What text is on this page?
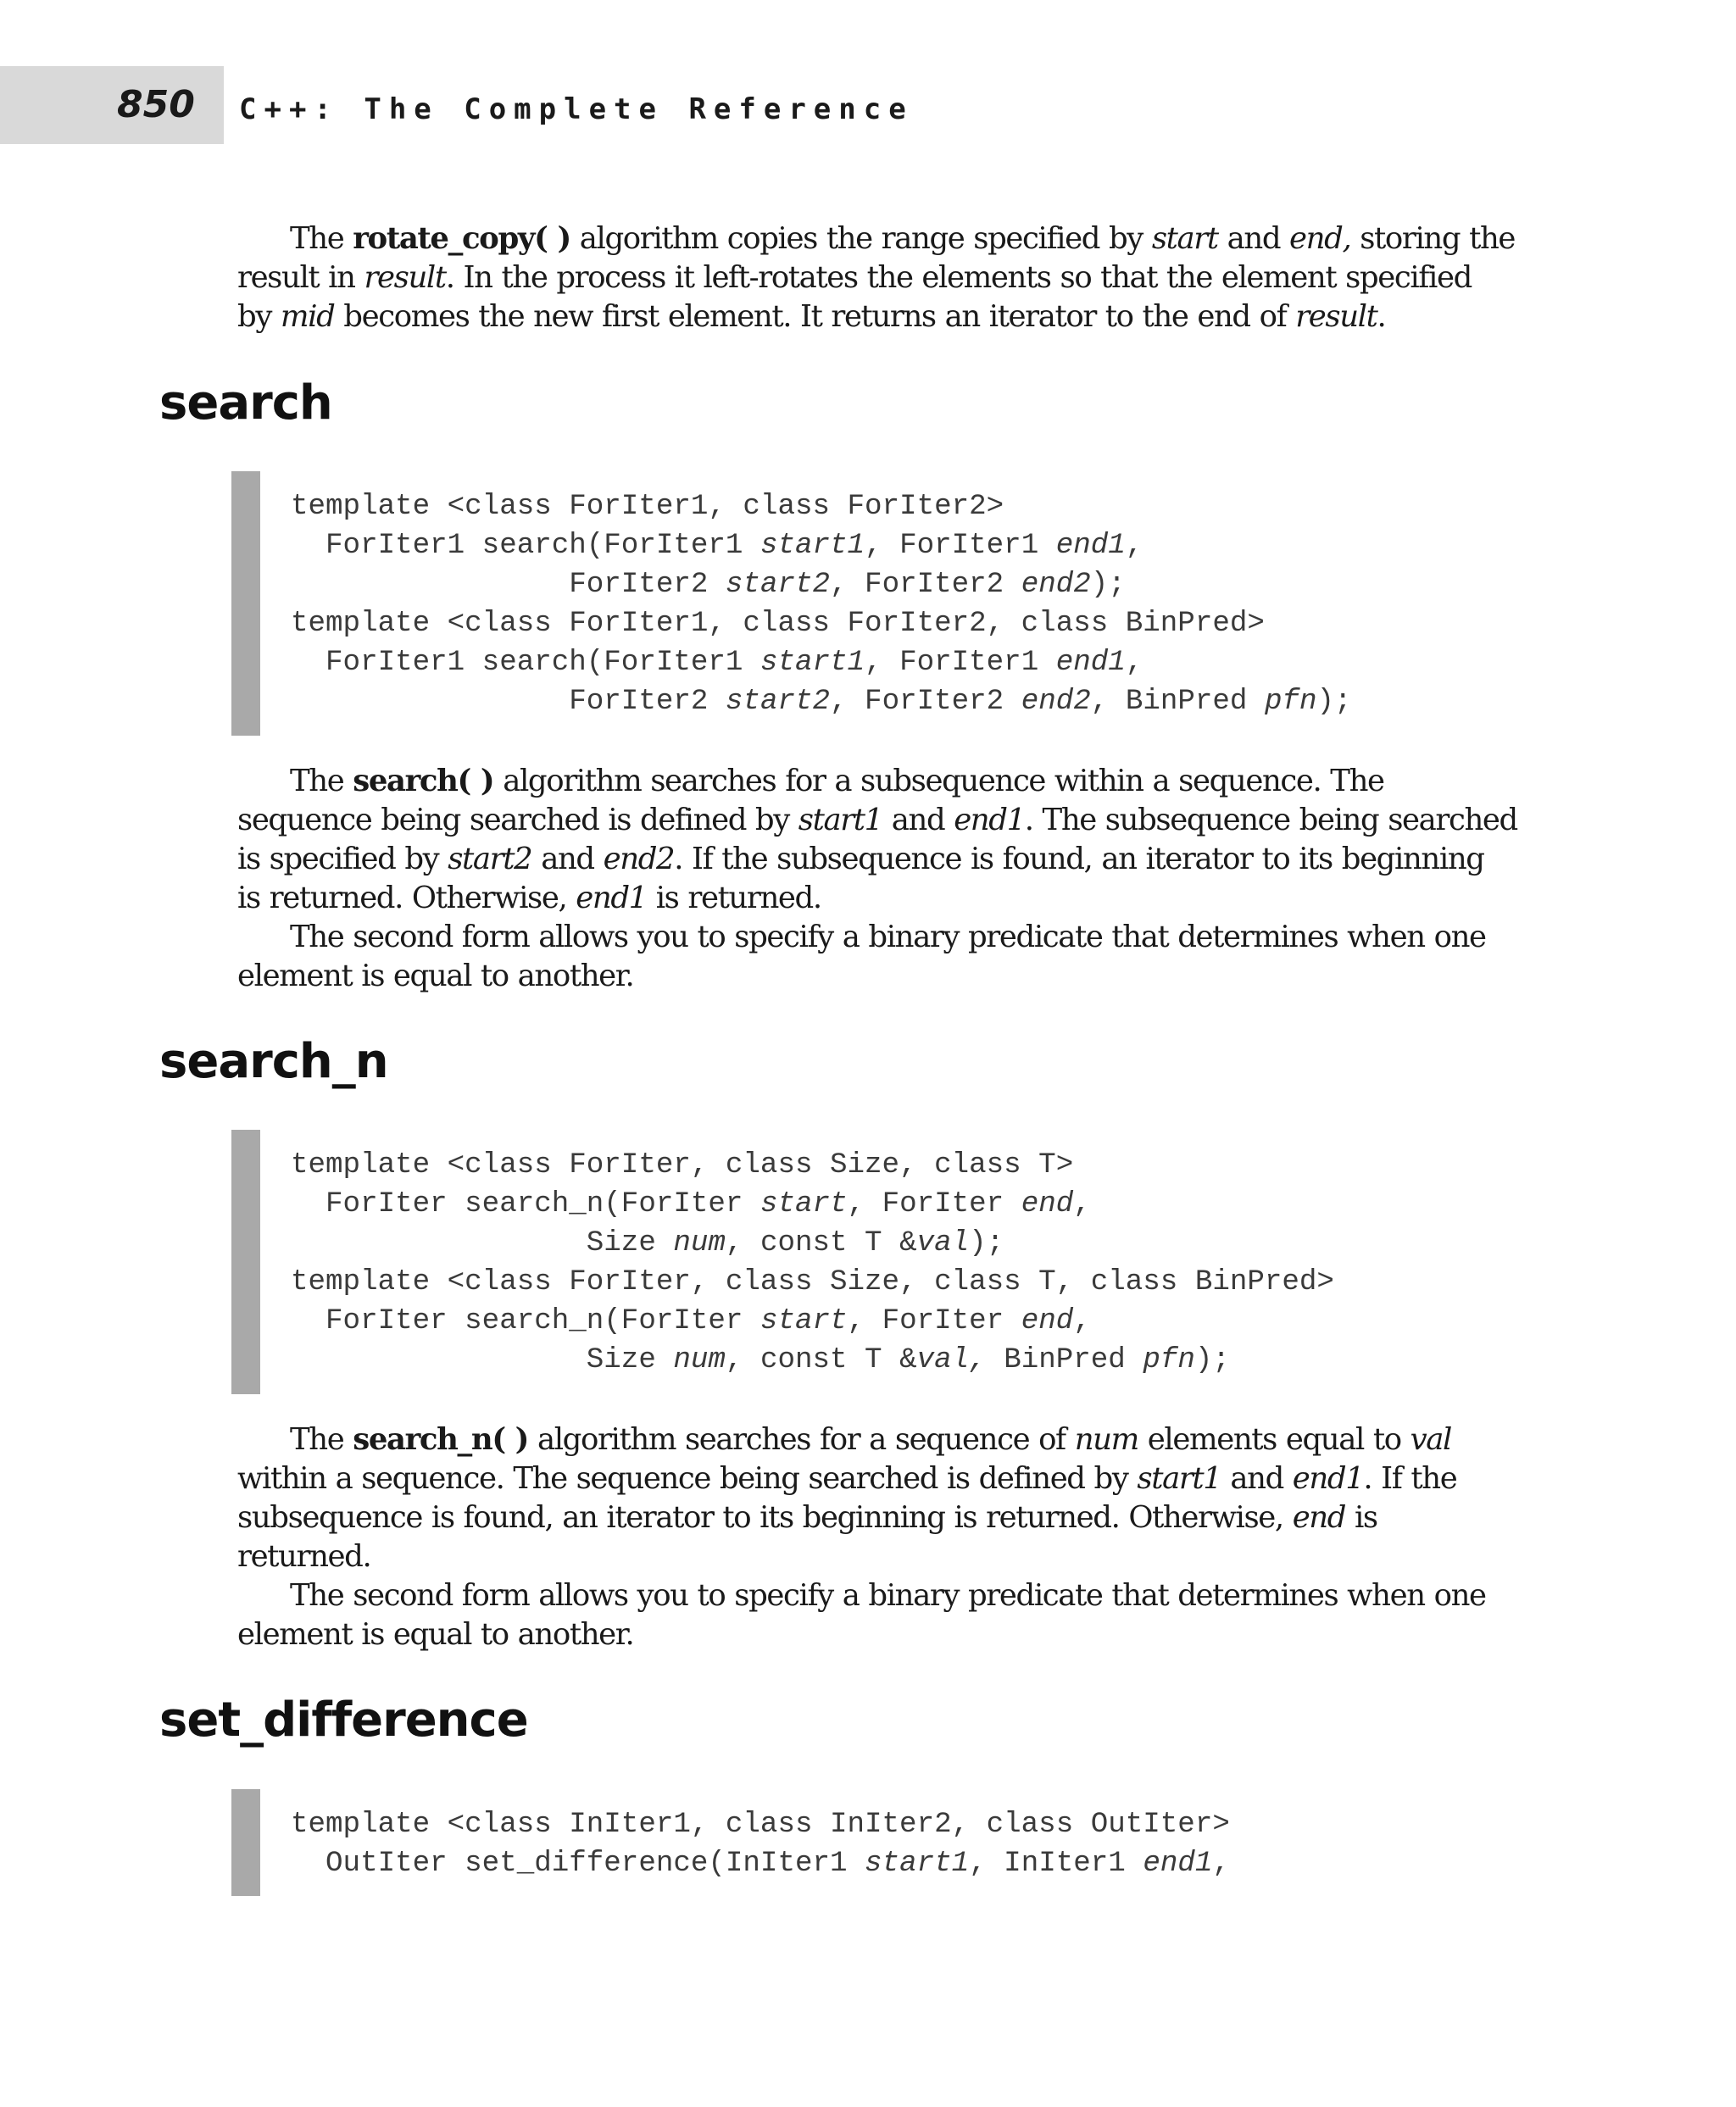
850 C++: The Complete Reference
The rotate_copy( ) algorithm copies the range specified by start and end, storing the
result in result. In the process it left-rotates the elements so that the element specified
by mid becomes the new first element. It returns an iterator to the end of result.
search
template <class ForIter1, class ForIter2>
ForIter1 search(ForIter1 start1, ForIter1 end1,
ForIter2 start2, ForIter2 end2);
template <class ForIter1, class ForIter2, class BinPred>
ForIter1 search(ForIter1 start1, ForIter1 end1,
ForIter2 start2, ForIter2 end2, BinPred pfn);
The search( ) algorithm searches for a subsequence within a sequence. The
sequence being searched is defined by start1 and end1. The subsequence being searched
is specified by start2 and end2. If the subsequence is found, an iterator to its beginning
is returned. Otherwise, end1 is returned.
The second form allows you to specify a binary predicate that determines when one
element is equal to another.
search_n
template <class ForIter, class Size, class T>
ForIter search_n(ForIter start, ForIter end,
Size num, const T &val);
template <class ForIter, class Size, class T, class BinPred>
ForIter search_n(ForIter start, ForIter end,
Size num, const T &val, BinPred pfn);
The search_n( ) algorithm searches for a sequence of num elements equal to val
within a sequence. The sequence being searched is defined by start1 and end1. If the
subsequence is found, an iterator to its beginning is returned. Otherwise, end is
returned.
The second form allows you to specify a binary predicate that determines when one
element is equal to another.
set_difference
template <class InIter1, class InIter2, class OutIter>
OutIter set_difference(InIter1 start1, InIter1 end1,
